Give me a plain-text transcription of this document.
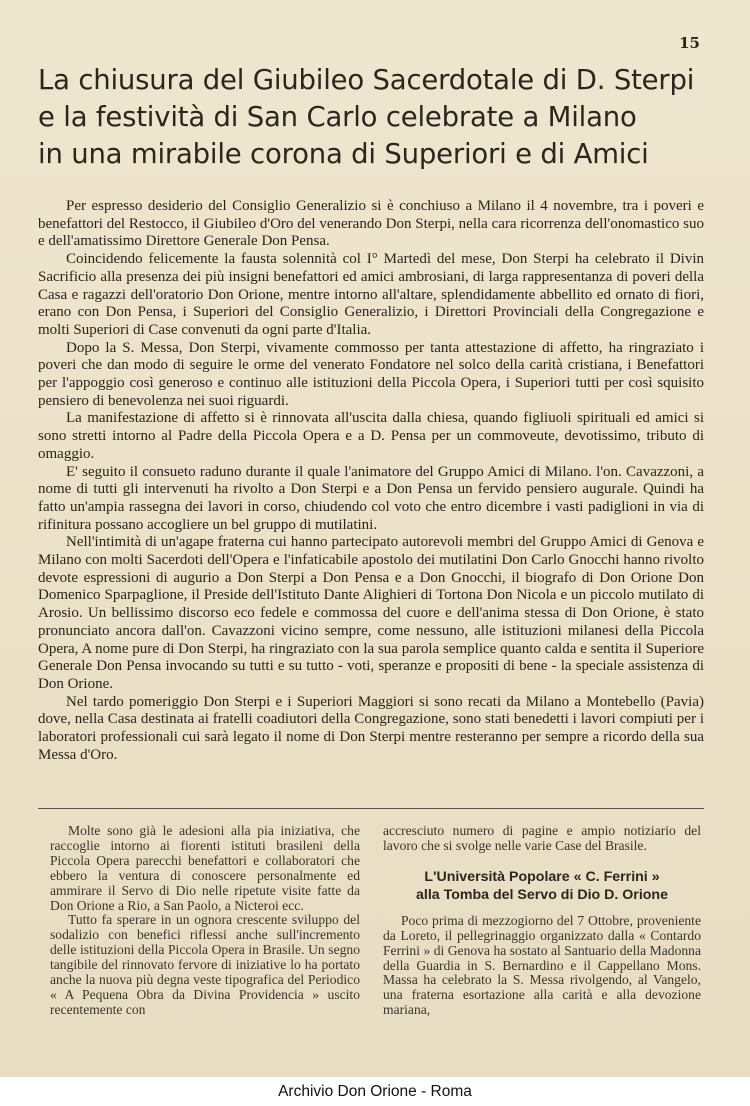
15
La chiusura del Giubileo Sacerdotale di D. Sterpi
e la festività di San Carlo celebrate a Milano
in una mirabile corona di Superiori e di Amici

Per espresso desiderio del Consiglio Generalizio si è conchiuso a Milano il 4 novembre, tra i poveri e benefattori del Restocco, il Giubileo d'Oro del venerando Don Sterpi, nella cara ricorrenza dell'onomastico suo e dell'amatissimo Direttore Generale Don Pensa.

Coincidendo felicemente la fausta solennità col I° Martedì del mese, Don Sterpi ha celebrato il Divin Sacrificio alla presenza dei più insigni benefattori ed amici ambrosiani, di larga rappresentanza di poveri della Casa e ragazzi dell'oratorio Don Orione, mentre intorno all'altare, splendidamente abbellito ed ornato di fiori, erano con Don Pensa, i Superiori del Consiglio Generalizio, i Direttori Provinciali della Congregazione e molti Superiori di Case convenuti da ogni parte d'Italia.

Dopo la S. Messa, Don Sterpi, vivamente commosso per tanta attestazione di affetto, ha ringraziato i poveri che dan modo di seguire le orme del venerato Fondatore nel solco della carità cristiana, i Benefattori per l'appoggio così generoso e continuo alle istituzioni della Piccola Opera, i Superiori tutti per così squisito pensiero di benevolenza nei suoi riguardi.

La manifestazione di affetto si è rinnovata all'uscita dalla chiesa, quando figliuoli spirituali ed amici si sono stretti intorno al Padre della Piccola Opera e a D. Pensa per un commoveute, devotissimo, tributo di omaggio.

E' seguito il consueto raduno durante il quale l'animatore del Gruppo Amici di Milano. l'on. Cavazzoni, a nome di tutti gli intervenuti ha rivolto a Don Sterpi e a Don Pensa un fervido pensiero augurale. Quindi ha fatto un'ampia rassegna dei lavori in corso, chiudendo col voto che entro dicembre i vasti padiglioni in via di rifinitura possano accogliere un bel gruppo di mutilatini.

Nell'intimità di un'agape fraterna cui hanno partecipato autorevoli membri del Gruppo Amici di Genova e Milano con molti Sacerdoti dell'Opera e l'infaticabile apostolo dei mutilatini Don Carlo Gnocchi hanno rivolto devote espressioni di augurio a Don Sterpi a Don Pensa e a Don Gnocchi, il biografo di Don Orione Don Domenico Sparpaglione, il Preside dell'Istituto Dante Alighieri di Tortona Don Nicola e un piccolo mutilato di Arosio. Un bellissimo discorso eco fedele e commossa del cuore e dell'anima stessa di Don Orione, è stato pronunciato ancora dall'on. Cavazzoni vicino sempre, come nessuno, alle istituzioni milanesi della Piccola Opera, A nome pure di Don Sterpi, ha ringraziato con la sua parola semplice quanto calda e sentita il Superiore Generale Don Pensa invocando su tutti e su tutto - voti, speranze e propositi di bene - la speciale assistenza di Don Orione.

Nel tardo pomeriggio Don Sterpi e i Superiori Maggiori si sono recati da Milano a Montebello (Pavia) dove, nella Casa destinata ai fratelli coadiutori della Congregazione, sono stati benedetti i lavori compiuti per i laboratori professionali cui sarà legato il nome di Don Sterpi mentre resteranno per sempre a ricordo della sua Messa d'Oro.

Molte sono già le adesioni alla pia iniziativa, che raccoglie intorno ai fiorenti istituti brasileni della Piccola Opera parecchi benefattori e collaboratori che ebbero la ventura di conoscere personalmente ed ammirare il Servo di Dio nelle ripetute visite fatte da Don Orione a Rio, a San Paolo, a Nicteroi ecc.

Tutto fa sperare in un ognora crescente sviluppo del sodalizio con benefici riflessi anche sull'incremento delle istituzioni della Piccola Opera in Brasile. Un segno tangibile del rinnovato fervore di iniziative lo ha portato anche la nuova più degna veste tipografica del Periodico « A Pequena Obra da Divina Providencia » uscito recentemente con

accresciuto numero di pagine e ampio notiziario del lavoro che si svolge nelle varie Case del Brasile.

L'Università Popolare « C. Ferrini »
alla Tomba del Servo di Dio D. Orione

Poco prima di mezzogiorno del 7 Ottobre, proveniente da Loreto, il pellegrinaggio organizzato dalla « Contardo Ferrini » di Genova ha sostato al Santuario della Madonna della Guardia in S. Bernardino e il Cappellano Mons. Massa ha celebrato la S. Messa rivolgendo, al Vangelo, una fraterna esortazione alla carità e alla devozione mariana,

Archivio Don Orione - Roma
